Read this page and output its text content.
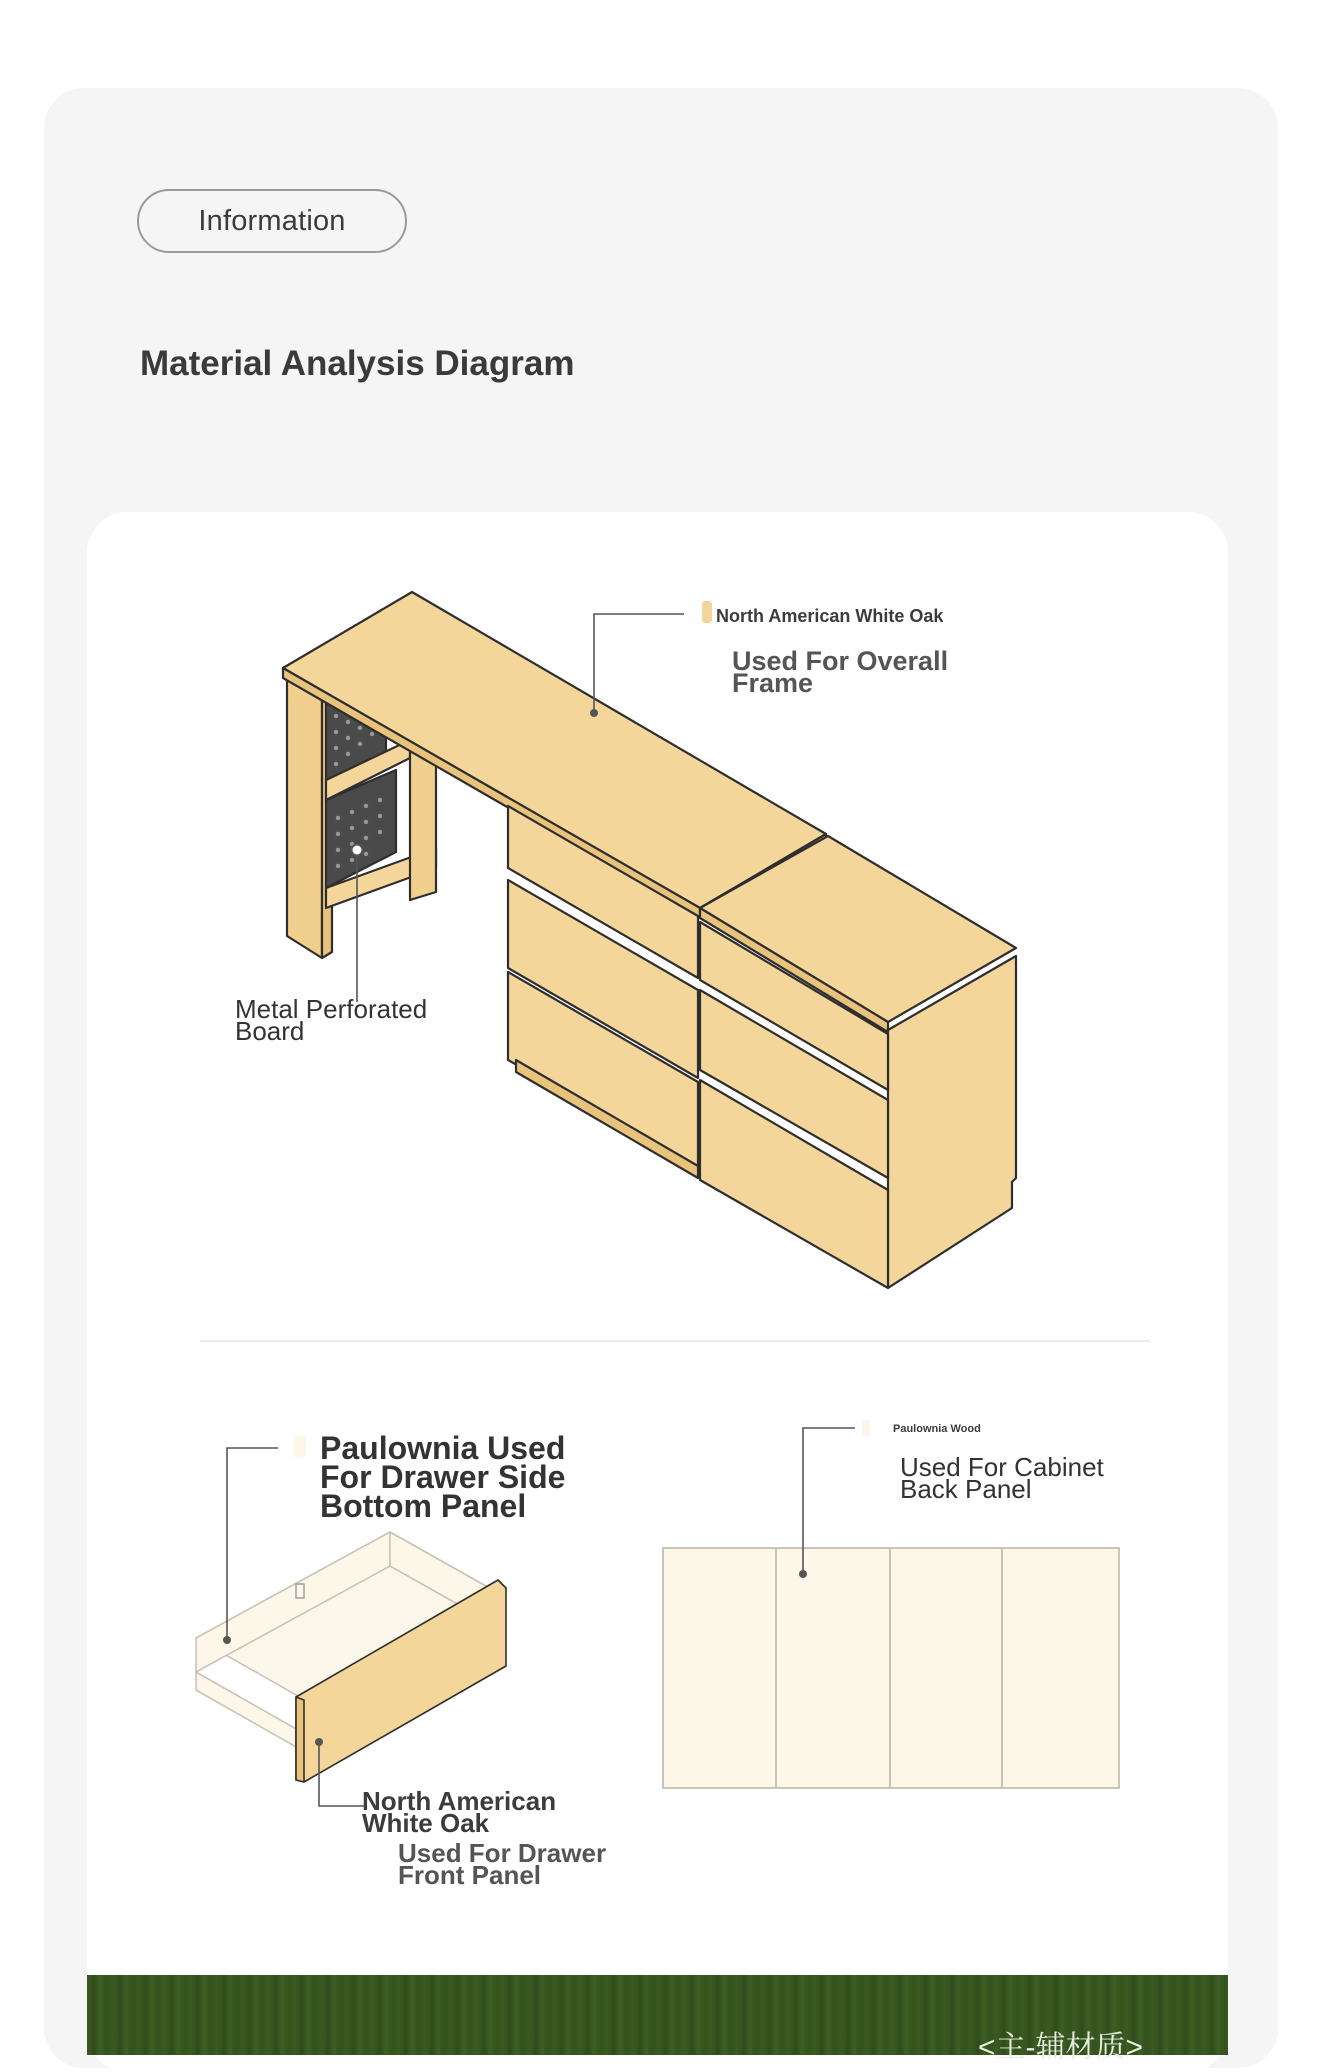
Information
Material Analysis Diagram
North American White Oak
Used For Overall
Frame
Metal Perforated
Board
Paulownia Used
For Drawer Side
Bottom Panel
Paulownia Wood
Used For Cabinet
Back Panel
North American
White Oak
Used For Drawer
Front Panel
<主-辅材质>
